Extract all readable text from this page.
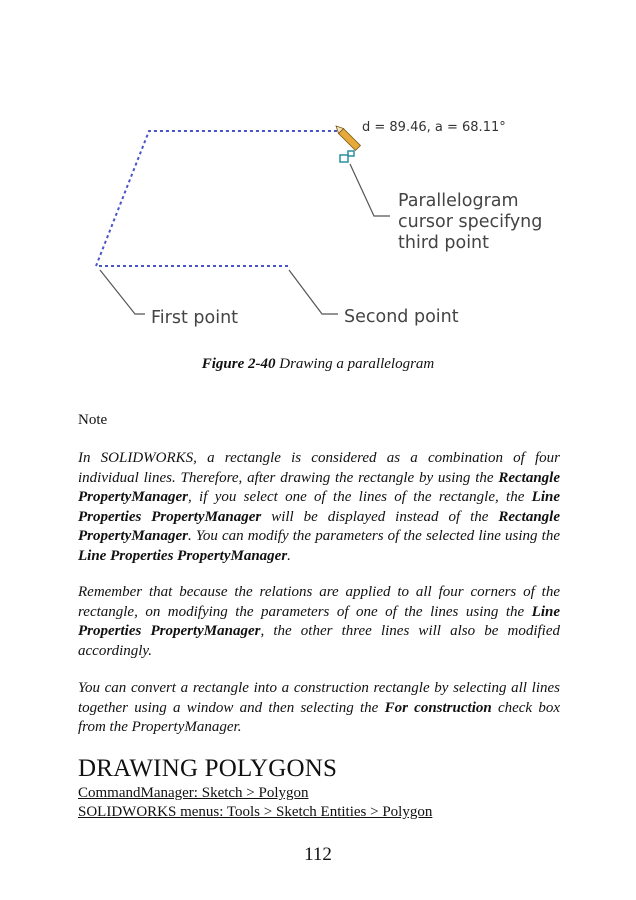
d = 89.46, a = 68.11°
Parallelogram
cursor specifyng
third point
First point	Second point
Figure 2-40 Drawing a parallelogram
Note
In SOLIDWORKS, a rectangle is considered as a combination of four individual lines. Therefore, after drawing the rectangle by using the Rectangle PropertyManager, if you select one of the lines of the rectangle, the Line Properties PropertyManager will be displayed instead of the Rectangle PropertyManager. You can modify the parameters of the selected line using the Line Properties PropertyManager.
Remember that because the relations are applied to all four corners of the rectangle, on modifying the parameters of one of the lines using the Line Properties PropertyManager, the other three lines will also be modified accordingly.
You can convert a rectangle into a construction rectangle by selecting all lines together using a window and then selecting the For construction check box from the PropertyManager.
DRAWING POLYGONS
CommandManager: Sketch > Polygon
SOLIDWORKS menus: Tools > Sketch Entities > Polygon
112
